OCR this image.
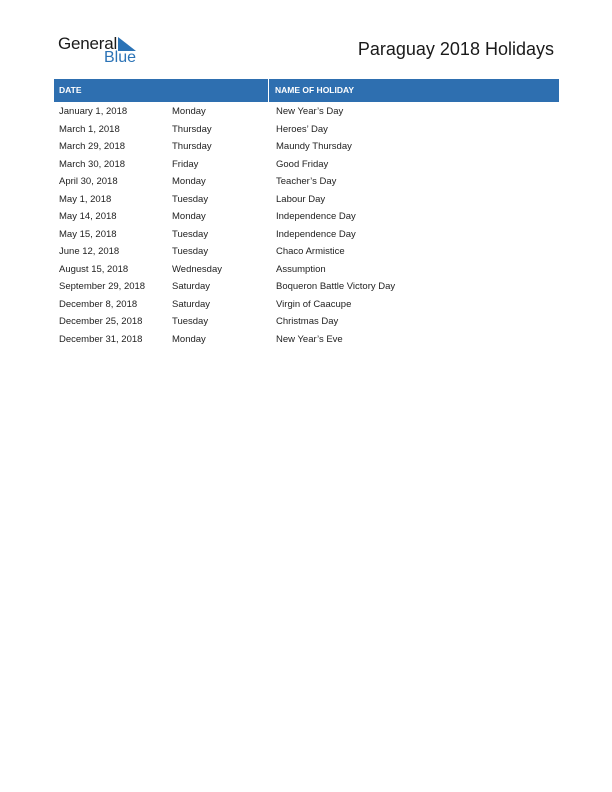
General
Blue	Paraguay 2018 Holidays
DATE	NAME OF HOLIDAY
January 1, 2018	Monday	New Year’s Day
March 1, 2018	Thursday	Heroes’ Day
March 29, 2018	Thursday	Maundy Thursday
March 30, 2018	Friday	Good Friday
April 30, 2018	Monday	Teacher’s Day
May 1, 2018	Tuesday	Labour Day
May 14, 2018	Monday	Independence Day
May 15, 2018	Tuesday	Independence Day
June 12, 2018	Tuesday	Chaco Armistice
August 15, 2018	Wednesday	Assumption
September 29, 2018	Saturday	Boqueron Battle Victory Day
December 8, 2018	Saturday	Virgin of Caacupe
December 25, 2018	Tuesday	Christmas Day
December 31, 2018	Monday	New Year’s Eve
